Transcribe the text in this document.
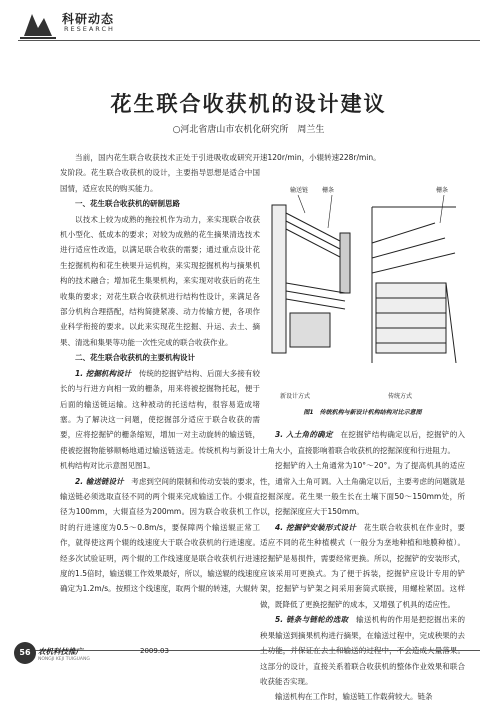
科研动态
RESEARCH
花生联合收获机的设计建议
○河北省唐山市农机化研究所　周兰生

当前，国内花生联合收获技术正处于引进吸收或研究开发阶段。花生联合收获机的设计，主要指导思想是适合中国国情，适应农民的购买能力。

一、花生联合收获机的研制思路

以技术上较为成熟的拖拉机作为动力，来实现联合收获机小型化、低成本的要求；对较为成熟的花生摘果清选技术进行适应性改造，以满足联合收获的需要；通过重点设计花生挖掘机构和花生秧果升运机构，来实现挖掘机构与摘果机构的技术融合；增加花生集果机构，来实现对收获后的花生收集的要求；对花生联合收获机进行结构性设计，来满足各部分机构合理搭配，结构简捷紧凑、动力传输方便，各项作业科学衔接的要求。以此来实现花生挖掘、升运、去土、摘果、清选和集果等功能一次性完成的联合收获作业。

二、花生联合收获机的主要机构设计

1. 挖掘机构设计　传统的挖掘铲结构、后面大多接有较长的与行进方向相一致的栅条，用来将被挖掘物托起，便于后面的输送链运输。这种被动的托送结构，很容易造成堵塞。为了解决这一问题，使挖掘部分适应于联合收获的需要，应将挖掘铲的栅条缩短，增加一对主动旋转的输送链，使被挖掘物能够顺畅地通过输送链送走。传统机构与新设计机构结构对比示意图见图1。

2. 输送链设计　考虑到空间的限制和传动安装的要求，输送链必须选取直径不同的两个辊来完成输送工作。小辊直径为100mm，大辊直径为200mm。因为联合收获机工作时的行进速度为0.5～0.8m/s，要保障两个输送辊正常工作，就得使这两个辊的线速度大于联合收获机的行进速度。经多次试验证明，两个辊的工作线速度是联合收获机行进速度的1.5倍时，输送辊工作效果最好，所以，输送辊的线速度确定为1.2m/s。按照这个线速度，取两个辊的转速，大辊转

速120r/min，小辊转速228r/min。

3. 入土角的确定　在挖掘铲结构确定以后，挖掘铲的入土角大小，直接影响着联合收获机的挖掘深度和行进阻力。

挖掘铲的入土角通常为10°～20°。为了提高机具的适应性，通常入土角可调。入土角确定以后，主要考虑的问题就是挖掘深度。花生果一般生长在土壤下面50～150mm处，所以，挖掘深度应大于150mm。

4. 挖掘铲安装形式设计　花生联合收获机在作业时，要适应不同的花生种植模式（一般分为垄地种植和地膜种植）。挖掘铲是易损件，需要经常更换。所以，挖掘铲的安装形式，应该采用可更换式。为了便于拆装，挖掘铲应设计专用的铲架，挖掘铲与铲架之间采用套筒式联接，用螺栓紧固。这样做，既降低了更换挖掘铲的成本，又增强了机具的适应性。

5. 链条与链轮的选取　输送机构的作用是把挖掘出来的秧果输送到摘果机构进行摘果，在输送过程中，完成秧果的去 这部分的设计，直接关系着联合收获机的整体作业效果和联合收获能否实现。

输送机构在工作时，输送链工作载荷较大。链条

输送链 栅条	栅条
新设计方式	传统方式
图1　传统机构与新设计机构结构对比示意图
56 农机科技推广	2009.03
NONGJI KEJI TUIGUANG
